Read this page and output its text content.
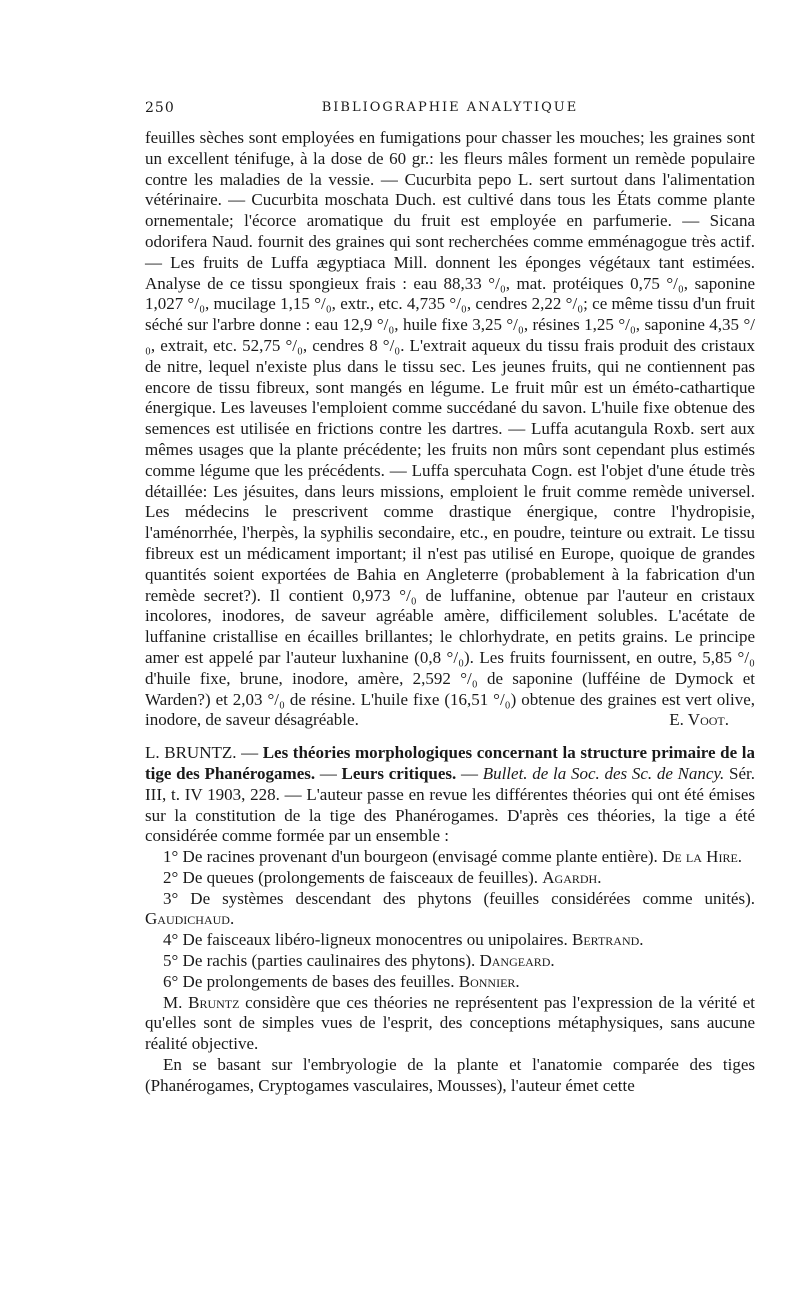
250	BIBLIOGRAPHIE ANALYTIQUE

feuilles sèches sont employées en fumigations pour chasser les mouches; les graines sont un excellent ténifuge, à la dose de 60 gr.: les fleurs mâles forment un remède populaire contre les maladies de la vessie. — Cucurbita pepo L. sert surtout dans l'alimentation vétérinaire. — Cucurbita moschata Duch. est cultivé dans tous les États comme plante ornementale; l'écorce aromatique du fruit est employée en parfumerie. — Sicana odorifera Naud. fournit des graines qui sont recherchées comme emménagogue très actif. — Les fruits de Luffa ægyptiaca Mill. donnent les éponges végétaux tant estimées. Analyse de ce tissu spongieux frais : eau 88,33 °/₀, mat. protéiques 0,75 °/₀, saponine 1,027 °/₀, mucilage 1,15 °/₀, extr., etc. 4,735 °/₀, cendres 2,22 °/₀; ce même tissu d'un fruit séché sur l'arbre donne : eau 12,9 °/₀, huile fixe 3,25 °/₀, résines 1,25 °/₀, saponine 4,35 °/₀, extrait, etc. 52,75 °/₀, cendres 8 °/₀. L'extrait aqueux du tissu frais produit des cristaux de nitre, lequel n'existe plus dans le tissu sec. Les jeunes fruits, qui ne contiennent pas encore de tissu fibreux, sont mangés en légume. Le fruit mûr est un éméto-cathartique énergique. Les laveuses l'emploient comme succédané du savon. L'huile fixe obtenue des semences est utilisée en frictions contre les dartres. — Luffa acutangula Roxb. sert aux mêmes usages que la plante précédente; les fruits non mûrs sont cependant plus estimés comme légume que les précédents. — Luffa spercuhata Cogn. est l'objet d'une étude très détaillée: Les jésuites, dans leurs missions, emploient le fruit comme remède universel. Les médecins le prescrivent comme drastique énergique, contre l'hydropisie, l'aménorrhée, l'herpès, la syphilis secondaire, etc., en poudre, teinture ou extrait. Le tissu fibreux est un médicament important; il n'est pas utilisé en Europe, quoique de grandes quantités soient exportées de Bahia en Angleterre (probablement à la fabrication d'un remède secret?). Il contient 0,973 °/₀ de luffanine, obtenue par l'auteur en cristaux incolores, inodores, de saveur agréable amère, difficilement solubles. L'acétate de luffanine cristallise en écailles brillantes; le chlorhydrate, en petits grains. Le principe amer est appelé par l'auteur luxhanine (0,8 °/₀). Les fruits fournissent, en outre, 5,85 °/₀ d'huile fixe, brune, inodore, amère, 2,592 °/₀ de saponine (lufféine de Dymock et Warden?) et 2,03 °/₀ de résine. L'huile fixe (16,51 °/₀) obtenue des graines est vert olive, inodore, de saveur désagréable.	E. Voot.

L. BRUNTZ. — Les théories morphologiques concernant la structure primaire de la tige des Phanérogames. — Leurs critiques. — Bullet. de la Soc. des Sc. de Nancy. Sér. III, t. IV 1903, 228. — L'auteur passe en revue les différentes théories qui ont été émises sur la constitution de la tige des Phanérogames. D'après ces théories, la tige a été considérée comme formée par un ensemble :

1° De racines provenant d'un bourgeon (envisagé comme plante entière). De la Hire.

2° De queues (prolongements de faisceaux de feuilles). Agardh.

3° De systèmes descendant des phytons (feuilles considérées comme unités). Gaudichaud.

4° De faisceaux libéro-ligneux monocentres ou unipolaires. Bertrand.

5° De rachis (parties caulinaires des phytons). Dangeard.

6° De prolongements de bases des feuilles. Bonnier.

M. Bruntz considère que ces théories ne représentent pas l'expression de la vérité et qu'elles sont de simples vues de l'esprit, des conceptions métaphysiques, sans aucune réalité objective.

En se basant sur l'embryologie de la plante et l'anatomie comparée des tiges (Phanérogames, Cryptogames vasculaires, Mousses), l'auteur émet cette
